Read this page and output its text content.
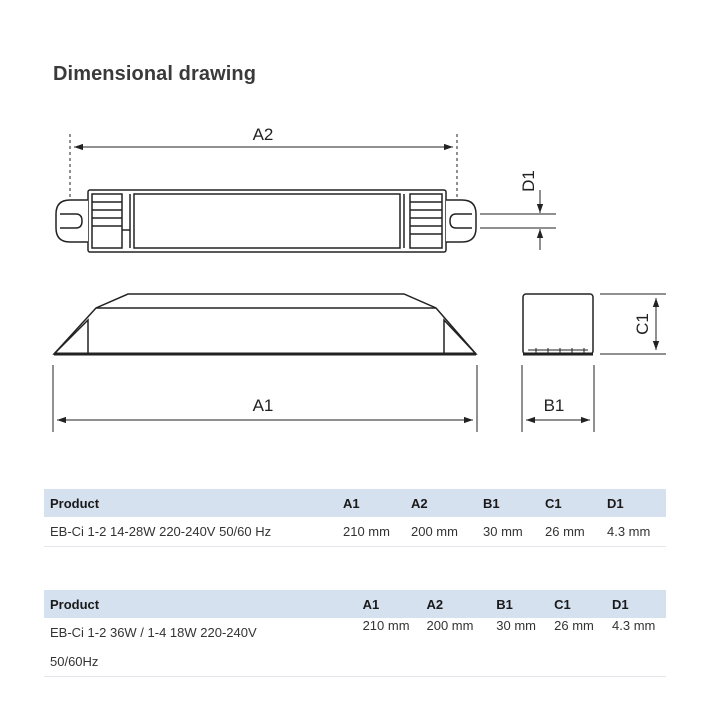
Dimensional drawing
A2
A1	B1
D1
C1
Product	A1	A2	B1	C1	D1
EB-Ci 1-2 14-28W 220-240V 50/60 Hz	210 mm	200 mm	30 mm	26 mm	4.3 mm
Product	A1	A2	B1	C1	D1
EB-Ci 1-2 36W / 1-4 18W 220-240V 50/60Hz	210 mm	200 mm	30 mm	26 mm	4.3 mm
